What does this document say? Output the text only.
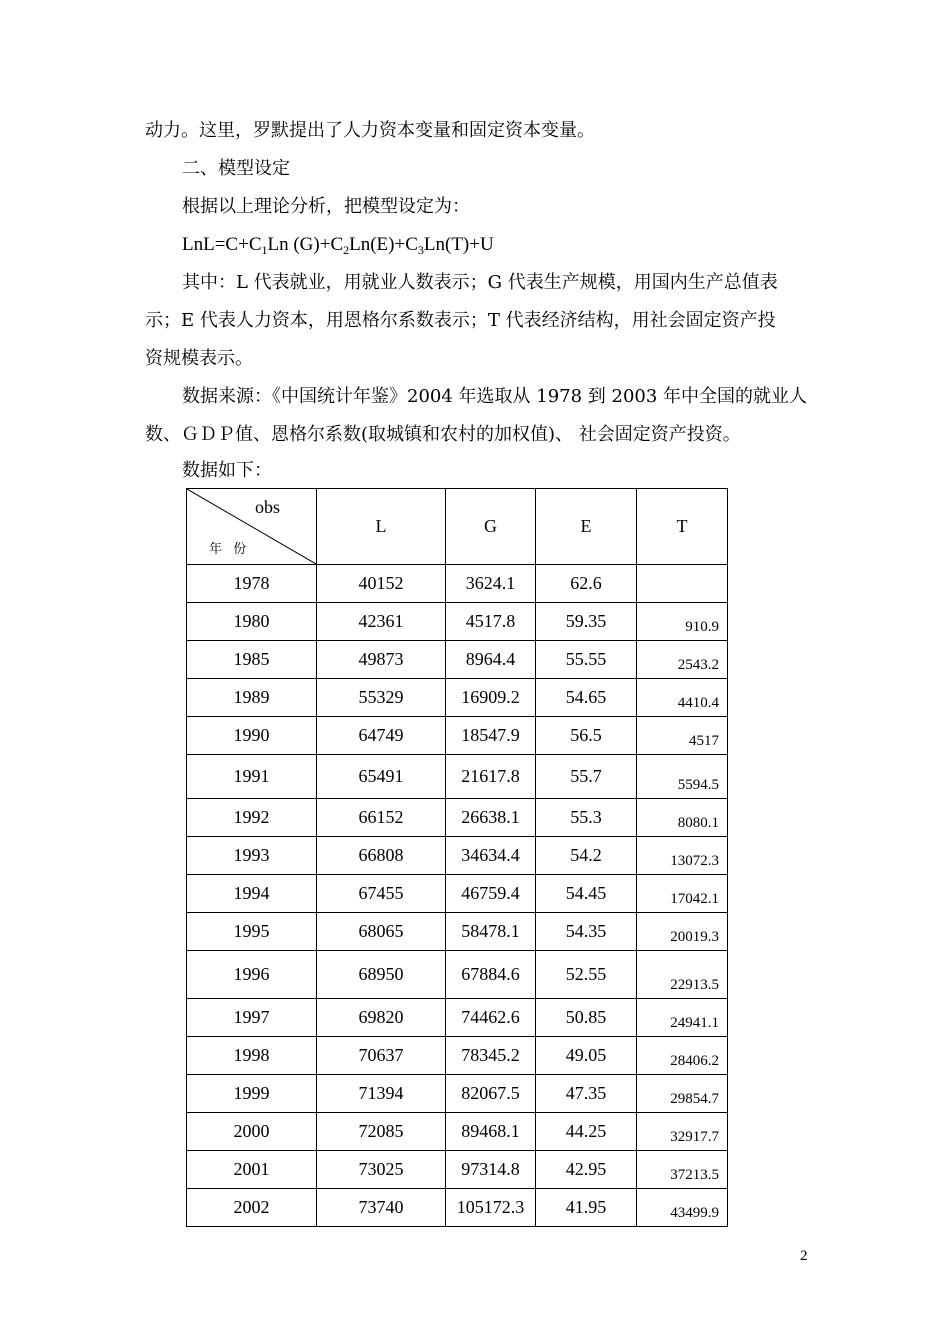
动力。这里，罗默提出了人力资本变量和固定资本变量。
二、模型设定
根据以上理论分析，把模型设定为：
$LnL=C+C_1Ln$ $(G)+C_2Ln(E)+C_3Ln(T)+U$
其中：L 代表就业，用就业人数表示；G 代表生产规模，用国内生产总值表
示；E 代表人力资本，用恩格尔系数表示；T 代表经济结构，用社会固定资产投
资规模表示。
数据来源：《中国统计年鉴》2004 年选取从 1978 到 2003 年中全国的就业人
数、ＧＤＰ值、恩格尔系数(取城镇和农村的加权值)、 社会固定资产投资。
数据如下：
obs
年 份	L	G	E	T
1978	40152	3624.1	62.6	
1980	42361	4517.8	59.35	910.9
1985	49873	8964.4	55.55	2543.2
1989	55329	16909.2	54.65	4410.4
1990	64749	18547.9	56.5	4517
1991	65491	21617.8	55.7	5594.5
1992	66152	26638.1	55.3	8080.1
1993	66808	34634.4	54.2	13072.3
1994	67455	46759.4	54.45	17042.1
1995	68065	58478.1	54.35	20019.3
1996	68950	67884.6	52.55	22913.5
1997	69820	74462.6	50.85	24941.1
1998	70637	78345.2	49.05	28406.2
1999	71394	82067.5	47.35	29854.7
2000	72085	89468.1	44.25	32917.7
2001	73025	97314.8	42.95	37213.5
2002	73740	105172.3	41.95	43499.9
2
